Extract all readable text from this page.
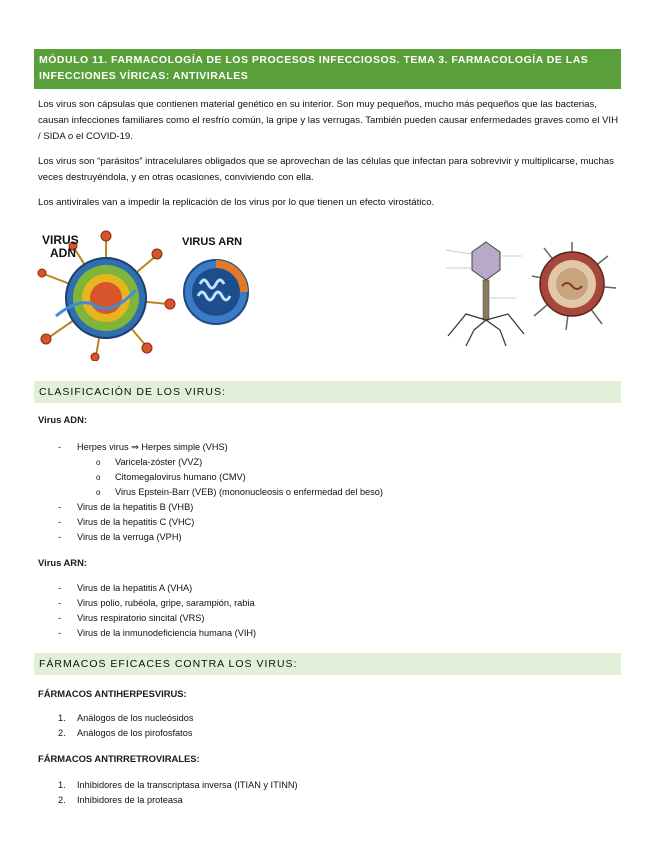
MÓDULO 11. FARMACOLOGÍA DE LOS PROCESOS INFECCIOSOS. TEMA 3. FARMACOLOGÍA DE LAS
INFECCIONES VÍRICAS: ANTIVIRALES
Los virus son cápsulas que contienen material genético en su interior. Son muy pequeños, mucho más pequeños que las bacterias, causan infecciones familiares como el resfrío común, la gripe y las verrugas. También pueden causar enfermedades graves como el VIH / SIDA o el COVID-19.
Los virus son “parásitos” intracelulares obligados que se aprovechan de las células que infectan para sobrevivir y multiplicarse, muchas veces destruyéndola, y en otras ocasiones, conviviendo con ella.
Los antivirales van a impedir la replicación de los virus por lo que tienen un efecto virostático.
VIRUS
ADN
VIRUS ARN
CLASIFICACIÓN DE LOS VIRUS:
Virus ADN:
- Herpes virus ⇒ Herpes simple (VHS)
o Varicela-zóster (VVZ)
o Citomegalovirus humano (CMV)
o Virus Epstein-Barr (VEB) (mononucleosis o enfermedad del beso)
- Virus de la hepatitis B (VHB)
- Virus de la hepatitis C (VHC)
- Virus de la verruga (VPH)
Virus ARN:
- Virus de la hepatitis A (VHA)
- Virus polio, rubéola, gripe, sarampión, rabia
- Virus respiratorio sincital (VRS)
- Virus de la inmunodeficiencia humana (VIH)
FÁRMACOS EFICACES CONTRA LOS VIRUS:
FÁRMACOS ANTIHERPESVIRUS:
1. Análogos de los nucleósidos
2. Análogos de los pirofosfatos
FÁRMACOS ANTIRRETROVIRALES:
1. Inhibidores de la transcriptasa inversa (ITIAN y ITINN)
2. Inhibidores de la proteasa
